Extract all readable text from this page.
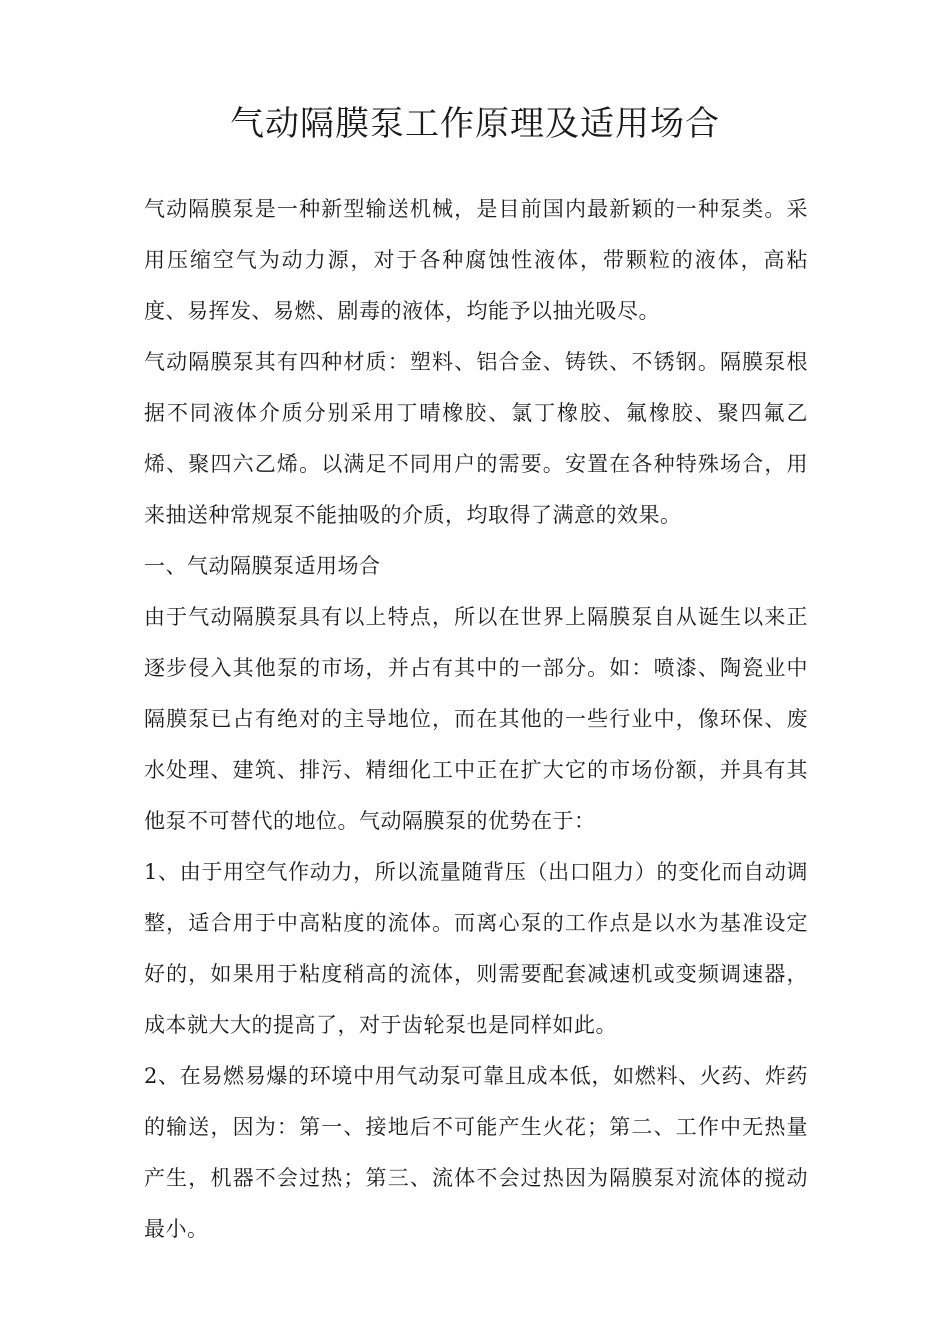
气动隔膜泵工作原理及适用场合

气动隔膜泵是一种新型输送机械，是目前国内最新颖的一种泵类。采用压缩空气为动力源，对于各种腐蚀性液体，带颗粒的液体，高粘度、易挥发、易燃、剧毒的液体，均能予以抽光吸尽。

气动隔膜泵其有四种材质：塑料、铝合金、铸铁、不锈钢。隔膜泵根据不同液体介质分别采用丁晴橡胶、氯丁橡胶、氟橡胶、聚四氟乙烯、聚四六乙烯。以满足不同用户的需要。安置在各种特殊场合，用来抽送种常规泵不能抽吸的介质，均取得了满意的效果。

一、气动隔膜泵适用场合

由于气动隔膜泵具有以上特点，所以在世界上隔膜泵自从诞生以来正逐步侵入其他泵的市场，并占有其中的一部分。如：喷漆、陶瓷业中隔膜泵已占有绝对的主导地位，而在其他的一些行业中，像环保、废水处理、建筑、排污、精细化工中正在扩大它的市场份额，并具有其他泵不可替代的地位。气动隔膜泵的优势在于：

1、由于用空气作动力，所以流量随背压（出口阻力）的变化而自动调整，适合用于中高粘度的流体。而离心泵的工作点是以水为基准设定好的，如果用于粘度稍高的流体，则需要配套减速机或变频调速器，成本就大大的提高了，对于齿轮泵也是同样如此。

2、在易燃易爆的环境中用气动泵可靠且成本低，如燃料、火药、炸药的输送，因为：第一、接地后不可能产生火花；第二、工作中无热量产生，机器不会过热；第三、流体不会过热因为隔膜泵对流体的搅动最小。
